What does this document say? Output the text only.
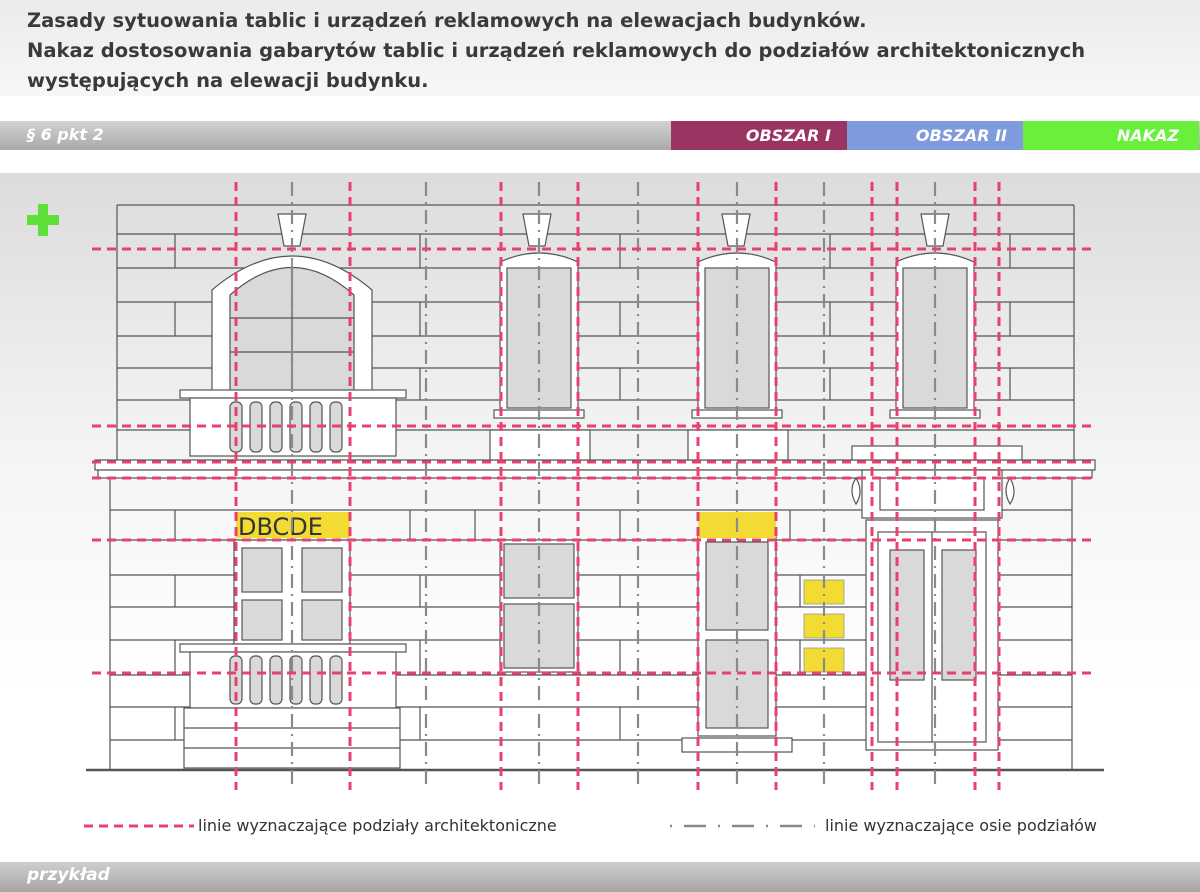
Zasady sytuowania tablic i urządzeń reklamowych na elewacjach budynków.

Nakaz dostosowania gabarytów tablic i urządzeń reklamowych do podziałów architektonicznych

występujących na elewacji budynku.

§ 6 pkt 2	OBSZAR I	OBSZAR II	NAKAZ
DBCDE
linie wyznaczające podziały architektoniczne	linie wyznaczające osie podziałów
przykład
